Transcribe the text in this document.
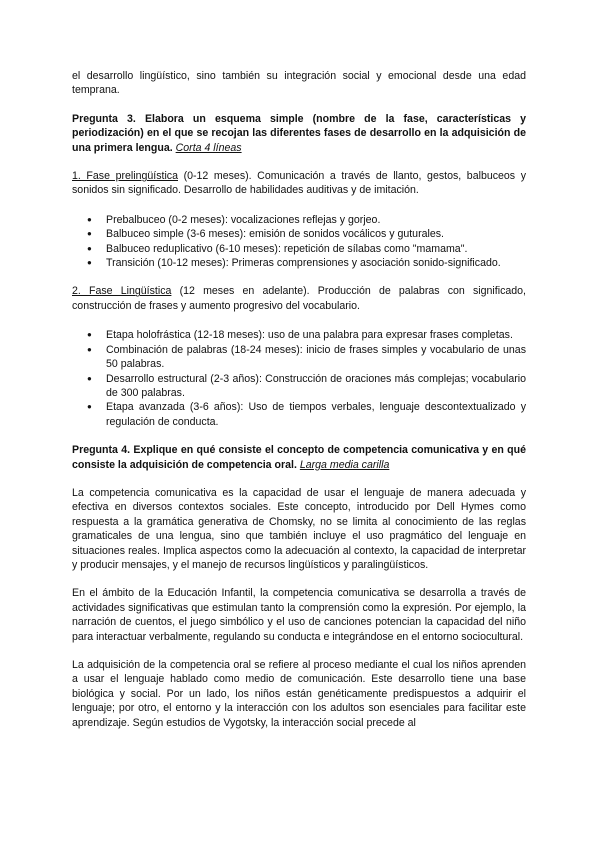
el desarrollo lingüístico, sino también su integración social y emocional desde una edad temprana.

Pregunta 3. Elabora un esquema simple (nombre de la fase, características y periodización) en el que se recojan las diferentes fases de desarrollo en la adquisición de una primera lengua. Corta 4 líneas

1. Fase prelingüística (0-12 meses). Comunicación a través de llanto, gestos, balbuceos y sonidos sin significado. Desarrollo de habilidades auditivas y de imitación.

● Prebalbuceo (0-2 meses): vocalizaciones reflejas y gorjeo.
● Balbuceo simple (3-6 meses): emisión de sonidos vocálicos y guturales.
● Balbuceo reduplicativo (6-10 meses): repetición de sílabas como "mamama".
● Transición (10-12 meses): Primeras comprensiones y asociación sonido-significado.

2. Fase Lingüística (12 meses en adelante). Producción de palabras con significado, construcción de frases y aumento progresivo del vocabulario.

● Etapa holofrástica (12-18 meses): uso de una palabra para expresar frases completas.
● Combinación de palabras (18-24 meses): inicio de frases simples y vocabulario de unas 50 palabras.
● Desarrollo estructural (2-3 años): Construcción de oraciones más complejas; vocabulario de 300 palabras.
● Etapa avanzada (3-6 años): Uso de tiempos verbales, lenguaje descontextualizado y regulación de conducta.

Pregunta 4. Explique en qué consiste el concepto de competencia comunicativa y en qué consiste la adquisición de competencia oral. Larga media carilla

La competencia comunicativa es la capacidad de usar el lenguaje de manera adecuada y efectiva en diversos contextos sociales. Este concepto, introducido por Dell Hymes como respuesta a la gramática generativa de Chomsky, no se limita al conocimiento de las reglas gramaticales de una lengua, sino que también incluye el uso pragmático del lenguaje en situaciones reales. Implica aspectos como la adecuación al contexto, la capacidad de interpretar y producir mensajes, y el manejo de recursos lingüísticos y paralingüísticos.

En el ámbito de la Educación Infantil, la competencia comunicativa se desarrolla a través de actividades significativas que estimulan tanto la comprensión como la expresión. Por ejemplo, la narración de cuentos, el juego simbólico y el uso de canciones potencian la capacidad del niño para interactuar verbalmente, regulando su conducta e integrándose en el entorno sociocultural.

La adquisición de la competencia oral se refiere al proceso mediante el cual los niños aprenden a usar el lenguaje hablado como medio de comunicación. Este desarrollo tiene una base biológica y social. Por un lado, los niños están genéticamente predispuestos a adquirir el lenguaje; por otro, el entorno y la interacción con los adultos son esenciales para facilitar este aprendizaje. Según estudios de Vygotsky, la interacción social precede al
